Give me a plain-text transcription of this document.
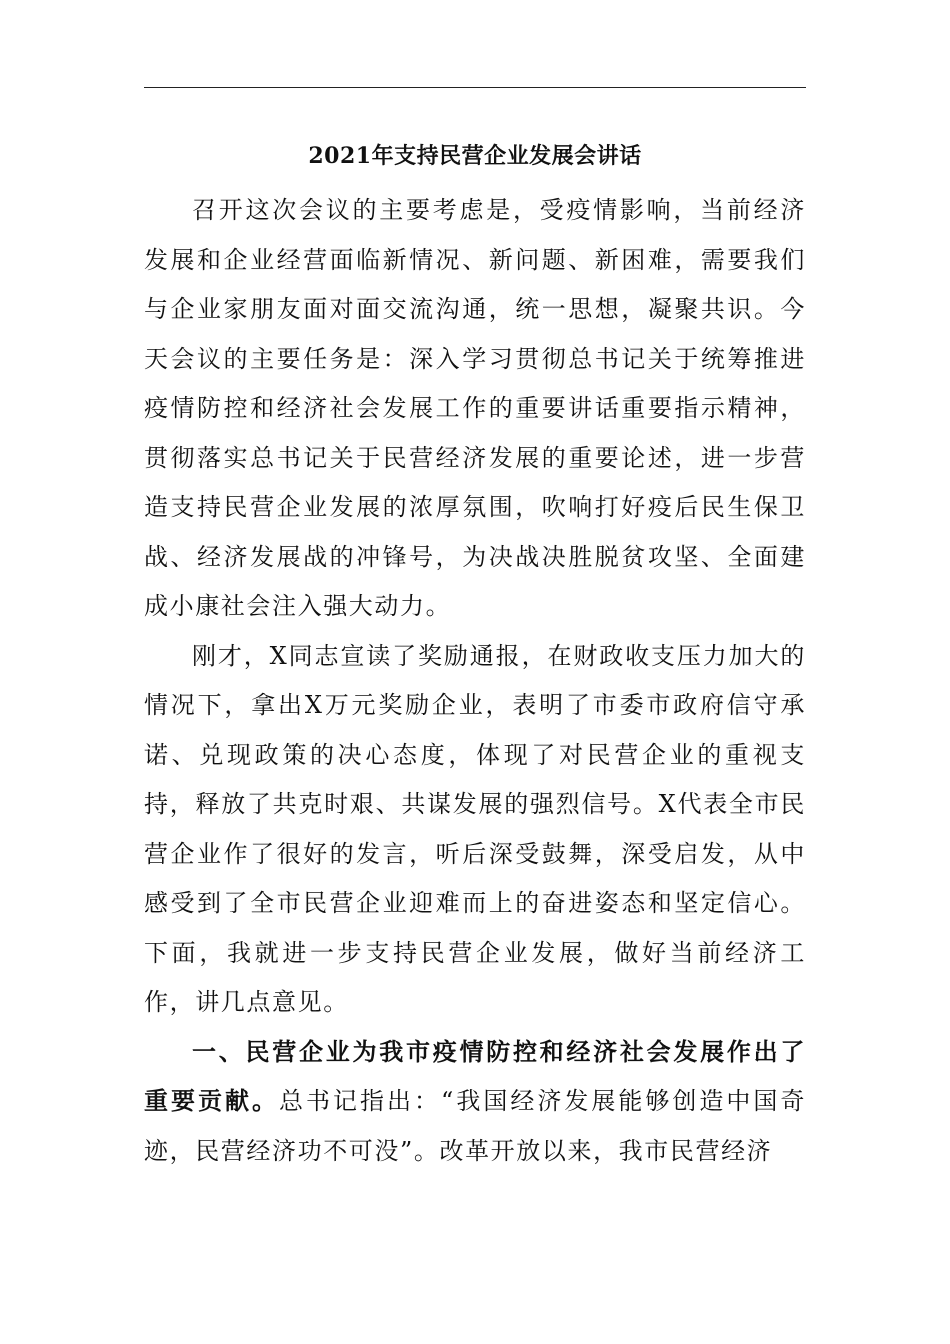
2021年支持民营企业发展会讲话

召开这次会议的主要考虑是，受疫情影响，当前经济发展和企业经营面临新情况、新问题、新困难，需要我们与企业家朋友面对面交流沟通，统一思想，凝聚共识。今天会议的主要任务是：深入学习贯彻总书记关于统筹推进疫情防控和经济社会发展工作的重要讲话重要指示精神，贯彻落实总书记关于民营经济发展的重要论述，进一步营造支持民营企业发展的浓厚氛围，吹响打好疫后民生保卫战、经济发展战的冲锋号，为决战决胜脱贫攻坚、全面建成小康社会注入强大动力。

刚才，X同志宣读了奖励通报，在财政收支压力加大的情况下，拿出X万元奖励企业，表明了市委市政府信守承诺、兑现政策的决心态度，体现了对民营企业的重视支持，释放了共克时艰、共谋发展的强烈信号。X代表全市民营企业作了很好的发言，听后深受鼓舞，深受启发，从中感受到了全市民营企业迎难而上的奋进姿态和坚定信心。下面，我就进一步支持民营企业发展，做好当前经济工作，讲几点意见。

一、民营企业为我市疫情防控和经济社会发展作出了重要贡献。总书记指出：“我国经济发展能够创造中国奇迹，民营经济功不可没”。改革开放以来，我市民营经济
